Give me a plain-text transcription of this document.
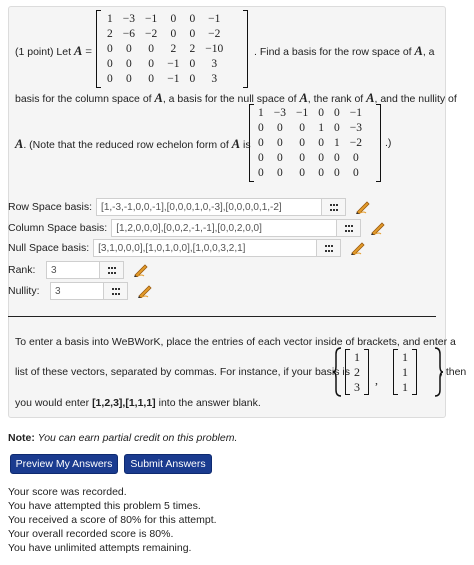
(1 point) Let A =
1	−3	−1	0	0	−1
2	−6	−2	0	0	−2
0	0	0	2	2	−10
0	0	0	−1	0	3
0	0	0	−1	0	3
. Find a basis for the row space of A, a
basis for the column space of A, a basis for the null space of A, the rank of A, and the nullity of
A. (Note that the reduced row echelon form of A is
1	−3	−1	0	0	−1
0	0	0	1	0	−3
0	0	0	0	1	−2
0	0	0	0	0	0
0	0	0	0	0	0
.)
Row Space basis: [1,-3,-1,0,0,-1],[0,0,0,1,0,-3],[0,0,0,0,1,-2]
Column Space basis: [1,2,0,0,0],[0,0,2,-1,-1],[0,0,2,0,0]
Null Space basis: [3,1,0,0,0],[1,0,1,0,0],[1,0,0,3,2,1]
Rank:	3
Nullity:	3
To enter a basis into WeBWorK, place the entries of each vector inside of brackets, and enter a
list of these vectors, separated by commas. For instance, if your basis is
1
2
3	,
1
1
1
, then
you would enter [1,2,3],[1,1,1] into the answer blank.
Note: You can earn partial credit on this problem.
Preview My Answers	Submit Answers
Your score was recorded.
You have attempted this problem 5 times.
You received a score of 80% for this attempt.
Your overall recorded score is 80%.
You have unlimited attempts remaining.
